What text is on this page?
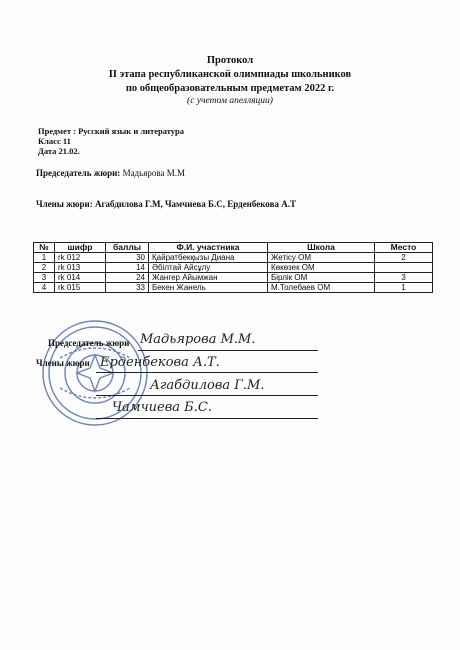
Протокол
II этапа республиканской олимпиады школьников
по общеобразовательным предметам 2022 г.
(с учетом апелляции)
Предмет : Русский язык и литература
Класс 11
Дата 21.02.
Председатель жюри: Мадьярова М.М
Члены жюри: Агабдилова Г.М, Чамчиева Б.С, Ерденбекова А.Т
№	шифр	баллы	Ф.И. участника	Школа	Место
1	rk 012	30	Қайратбекқызы Диана	Жетісу ОМ	2
2	rk 013	14	Әбілтай Айсұлу	Көкөзек ОМ	
3	rk 014	24	Жангер Айымжан	Бірлік ОМ	3
4	rk 015	33	Бекен Жанель	М.Толебаев ОМ	1
Председатель жюри
Члены жюри
Мадьярова М.М.
Ерденбекова А.Т.
Агабдилова Г.М.
Чамчиева Б.С.
